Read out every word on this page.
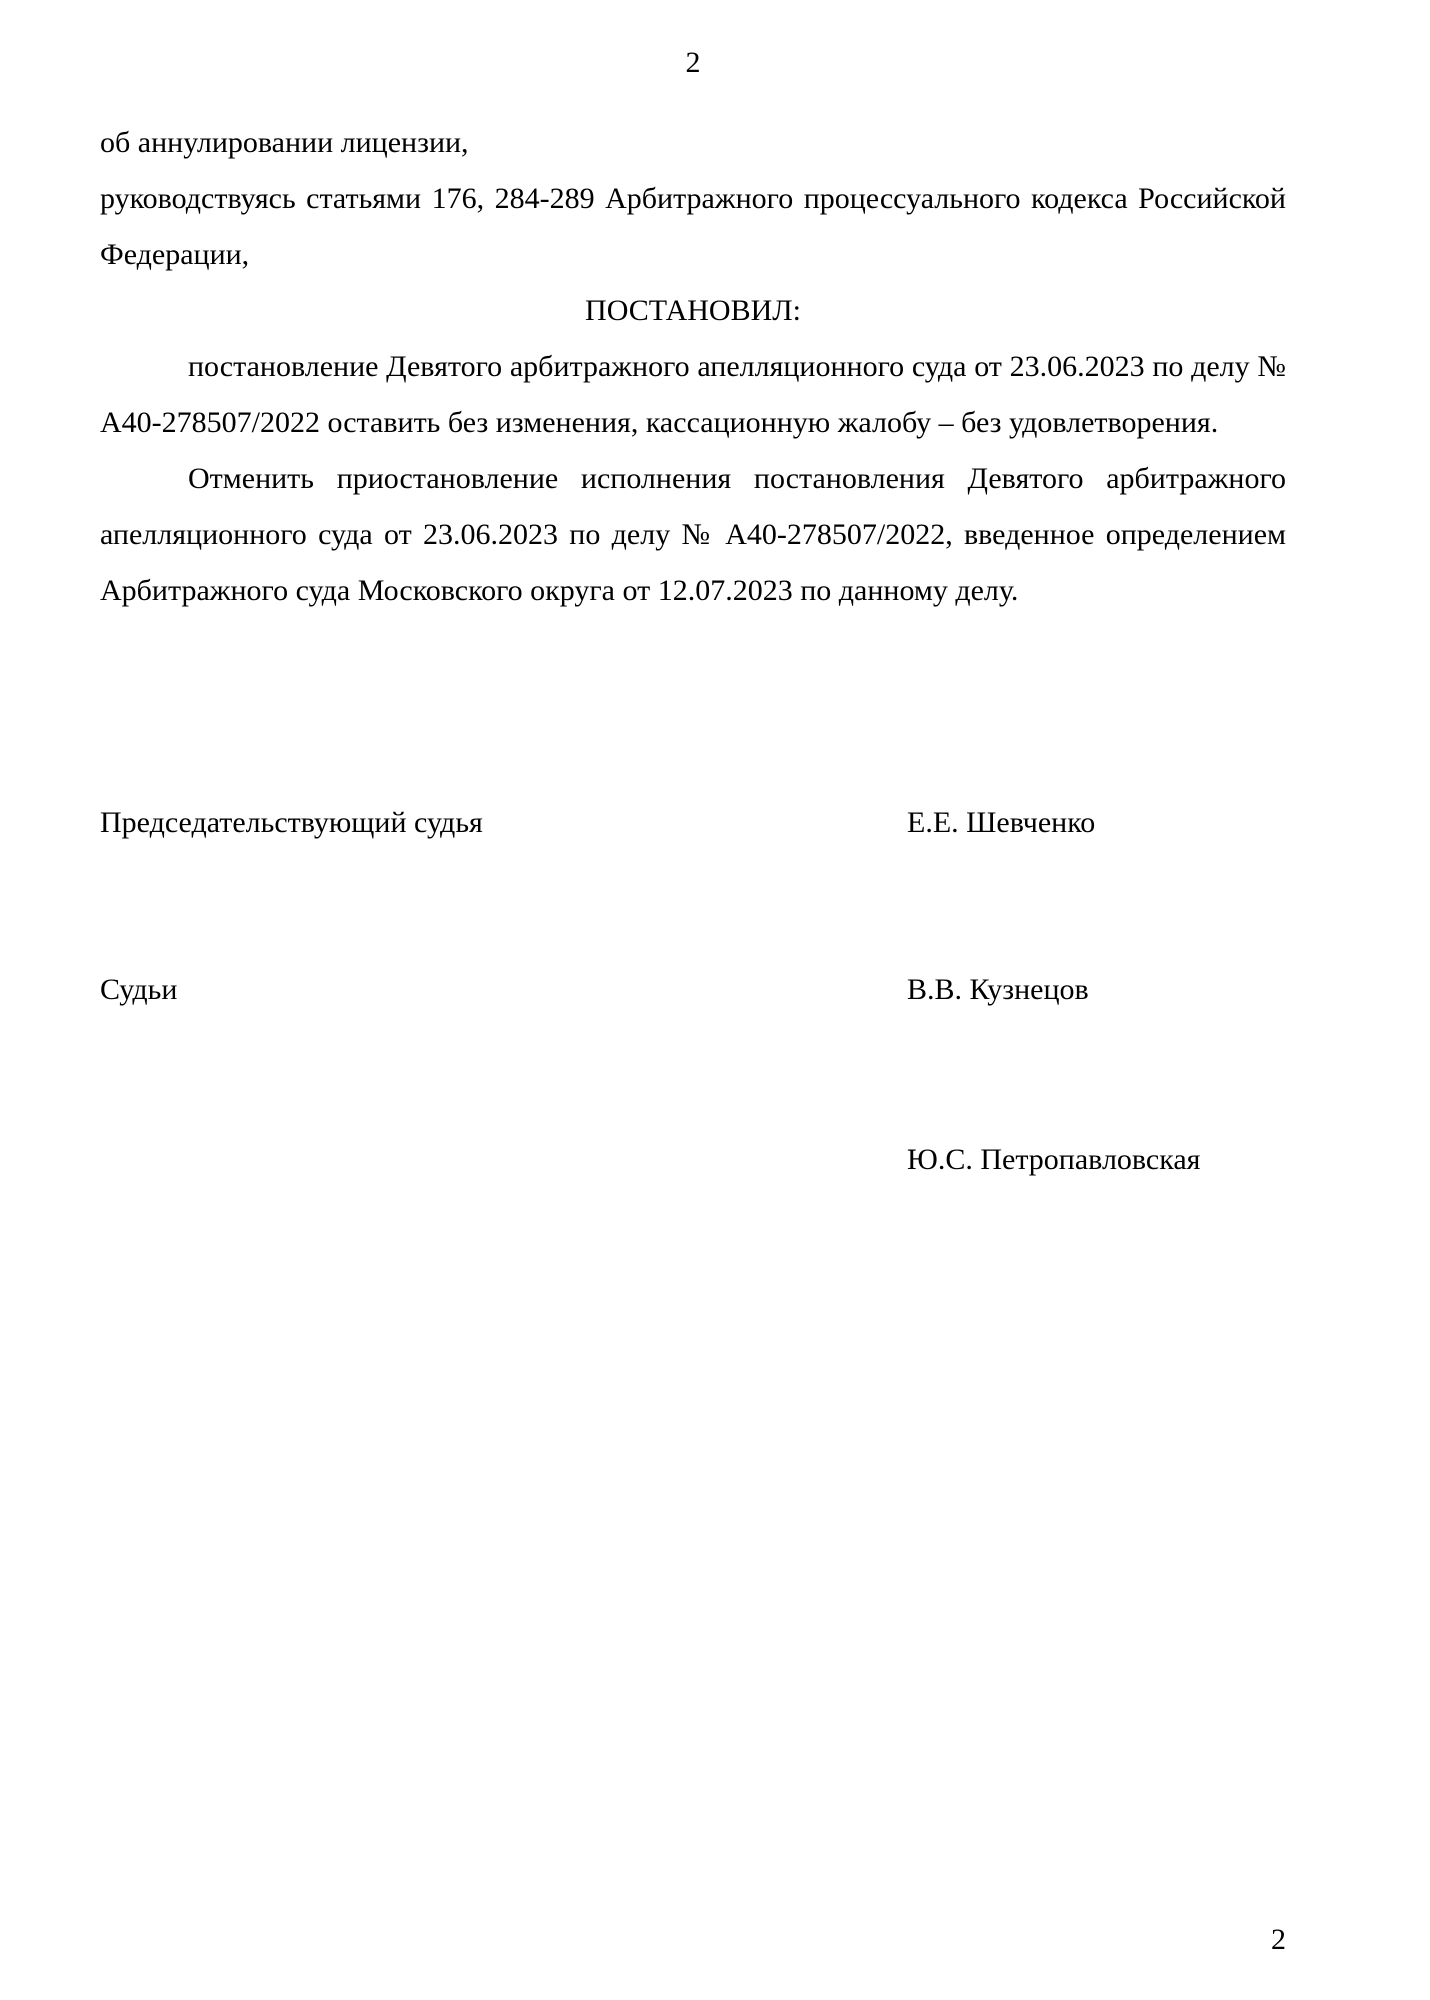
2

об аннулировании лицензии,

руководствуясь статьями 176, 284-289 Арбитражного процессуального кодекса Российской Федерации,

ПОСТАНОВИЛ:

постановление Девятого арбитражного апелляционного суда от 23.06.2023 по делу № А40-278507/2022 оставить без изменения, кассационную жалобу – без удовлетворения.

Отменить приостановление исполнения постановления Девятого арбитражного апелляционного суда от 23.06.2023 по делу № А40-278507/2022, введенное определением Арбитражного суда Московского округа от 12.07.2023 по данному делу.

Председательствующий судья	Е.Е. Шевченко
Судьи	В.В. Кузнецов
Ю.С. Петропавловская
2
